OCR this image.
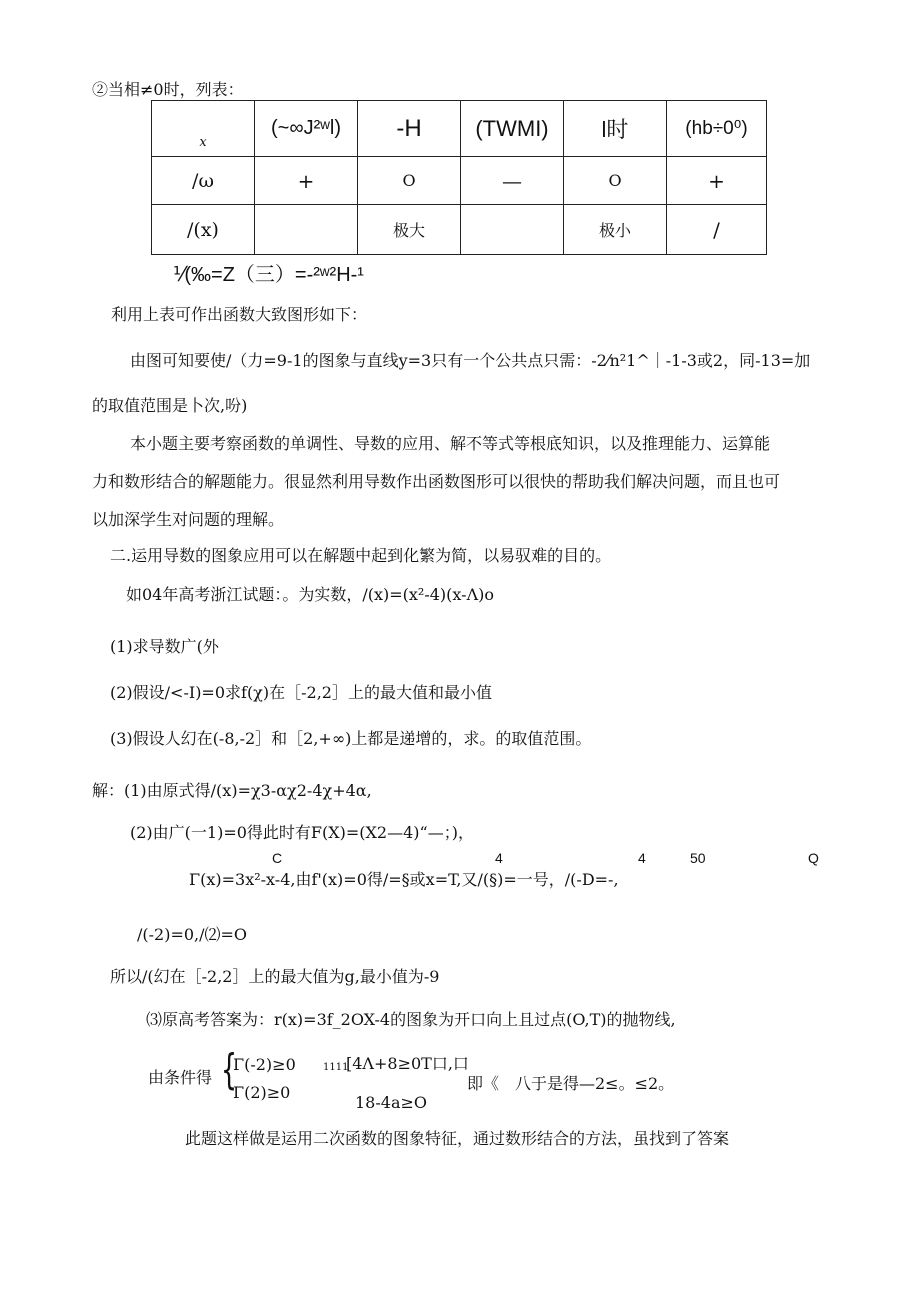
②当相≠0时，列表：
x	(~∞J²ʷl)	-H	(TWMI)	l时	(hb÷0⁰)
/ω	+	O	—	O	+
/(x)		极大		极小	/
⅟(‰=Z（三）=-²ʷ²H-¹
利用上表可作出函数大致图形如下：
由图可知要使/（力=9-1的图象与直线y=3只有一个公共点只需：-2⁄n²1^｜-1-3或2，同-13=加
的取值范围是卜次,吩)
本小题主要考察函数的单调性、导数的应用、解不等式等根底知识，以及推理能力、运算能
力和数形结合的解题能力。很显然利用导数作出函数图形可以很快的帮助我们解决问题，而且也可
以加深学生对问题的理解。
二.运用导数的图象应用可以在解题中起到化繁为简，以易驭难的目的。
如04年高考浙江试题：。为实数，/(x)=(x²-4)(x-Λ)o
(1)求导数广(外
(2)假设/<-I)=0求f(χ)在［-2,2］上的最大值和最小值
(3)假设人幻在(-8,-2］和［2,+∞)上都是递增的，求。的取值范围。
解：(1)由原式得/(x)=χ3-αχ2-4χ+4α,
(2)由广(一1)=0得此时有F(X)=(X2—4)“—；)，
C	4	4	50	Q
Γ(x)=3x²-x-4,由f'(x)=0得/=§或x=T,又/(§)=一号，/(-D=-,
/(-2)=0,/⑵=O
所以/(幻在［-2,2］上的最大值为g,最小值为-9
⑶原高考答案为：r(x)=3f_2OX-4的图象为开口向上且过点(O,T)的抛物线,
由条件得 {
Γ(-2)≥0
Γ(2)≥0
1111
[4Λ+8≥0T口,口
18-4a≥O
即《　八于是得—2≤。≤2。
此题这样做是运用二次函数的图象特征，通过数形结合的方法，虽找到了答案
